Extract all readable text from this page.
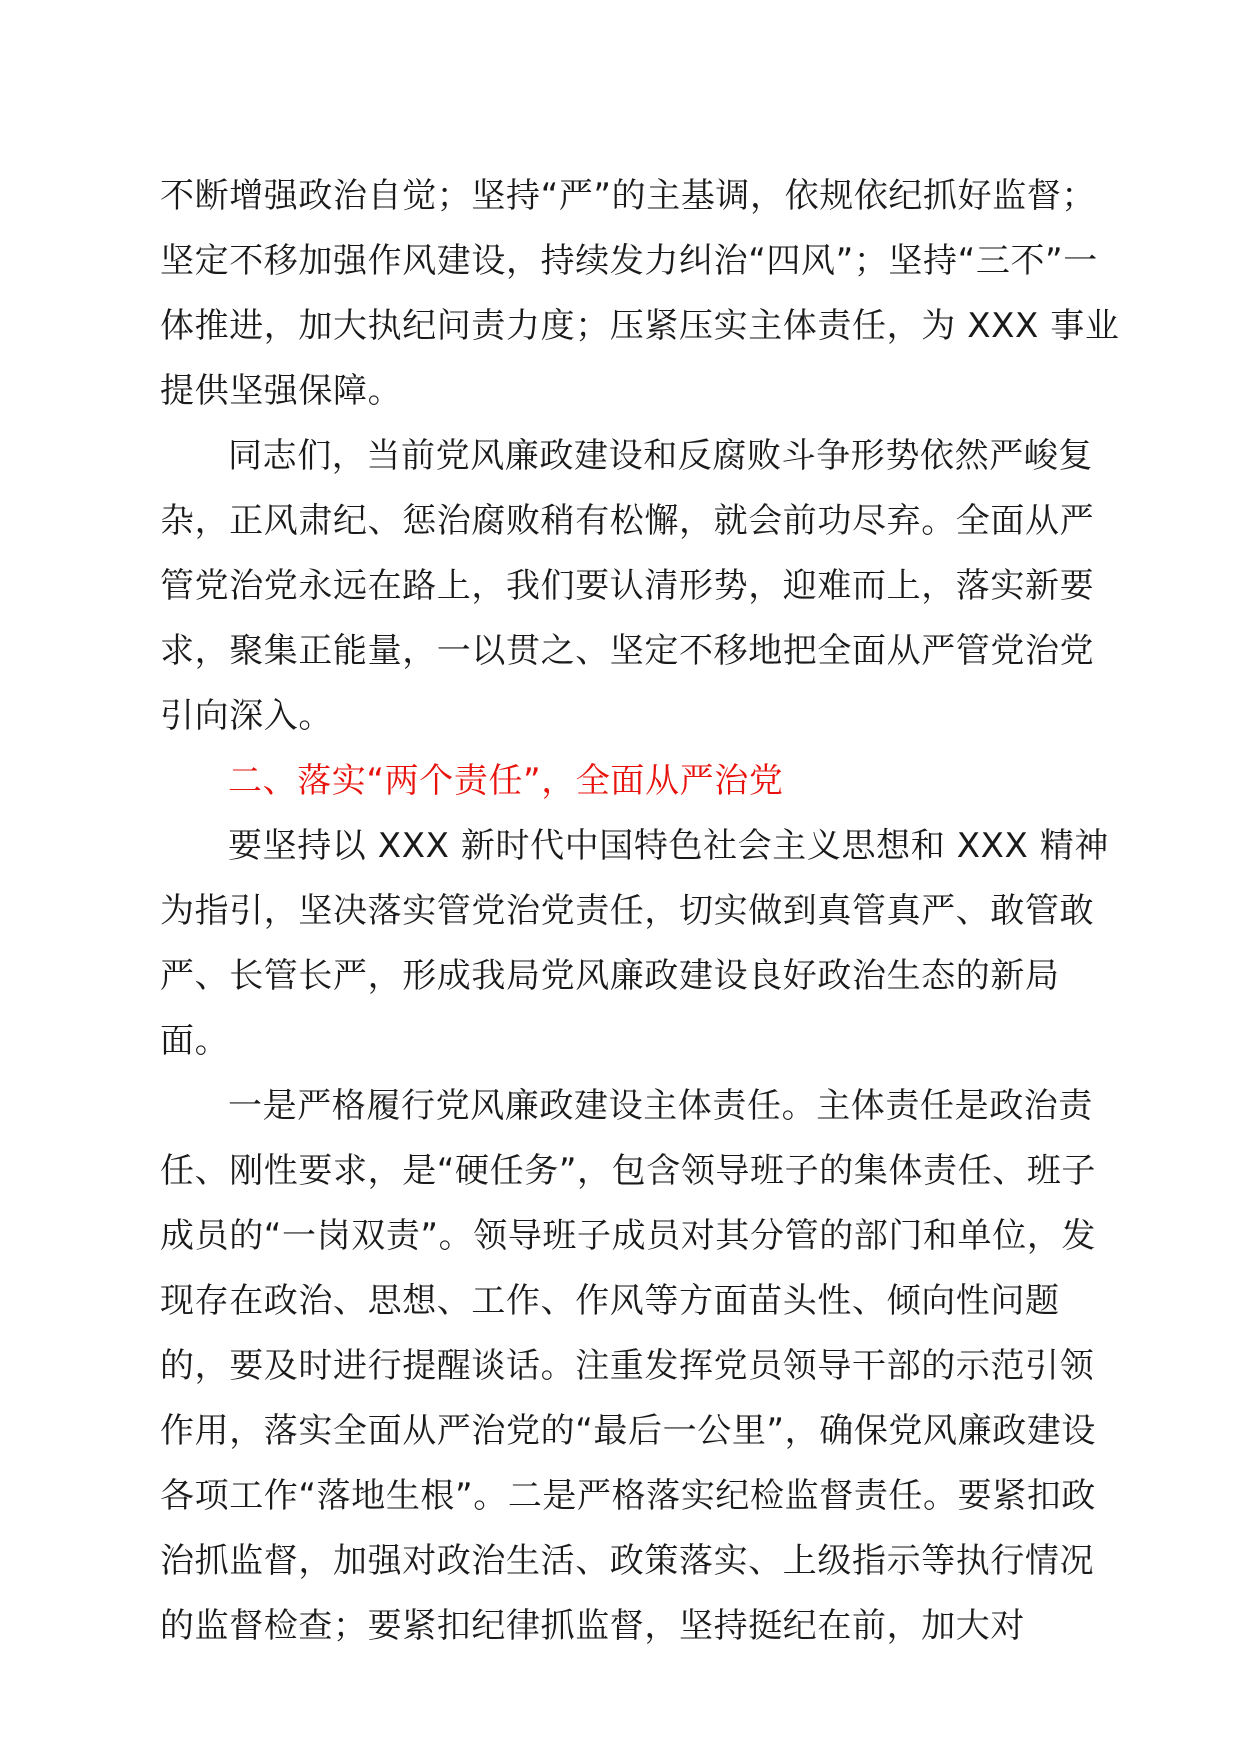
不断增强政治自觉；坚持“严”的主基调，依规依纪抓好监督；坚定不移加强作风建设，持续发力纠治“四风”；坚持“三不”一体推进，加大执纪问责力度；压紧压实主体责任，为 XXX 事业提供坚强保障。

同志们，当前党风廉政建设和反腐败斗争形势依然严峻复杂，正风肃纪、惩治腐败稍有松懈，就会前功尽弃。全面从严管党治党永远在路上，我们要认清形势，迎难而上，落实新要求，聚集正能量，一以贯之、坚定不移地把全面从严管党治党引向深入。

二、落实“两个责任”，全面从严治党

要坚持以 XXX 新时代中国特色社会主义思想和 XXX 精神为指引，坚决落实管党治党责任，切实做到真管真严、敢管敢严、长管长严，形成我局党风廉政建设良好政治生态的新局面。

一是严格履行党风廉政建设主体责任。主体责任是政治责任、刚性要求，是“硬任务”，包含领导班子的集体责任、班子成员的“一岗双责”。领导班子成员对其分管的部门和单位，发现存在政治、思想、工作、作风等方面苗头性、倾向性问题的，要及时进行提醒谈话。注重发挥党员领导干部的示范引领作用，落实全面从严治党的“最后一公里”，确保党风廉政建设各项工作“落地生根”。二是严格落实纪检监督责任。要紧扣政治抓监督，加强对政治生活、政策落实、上级指示等执行情况的监督检查；要紧扣纪律抓监督，坚持挺纪在前，加大对
